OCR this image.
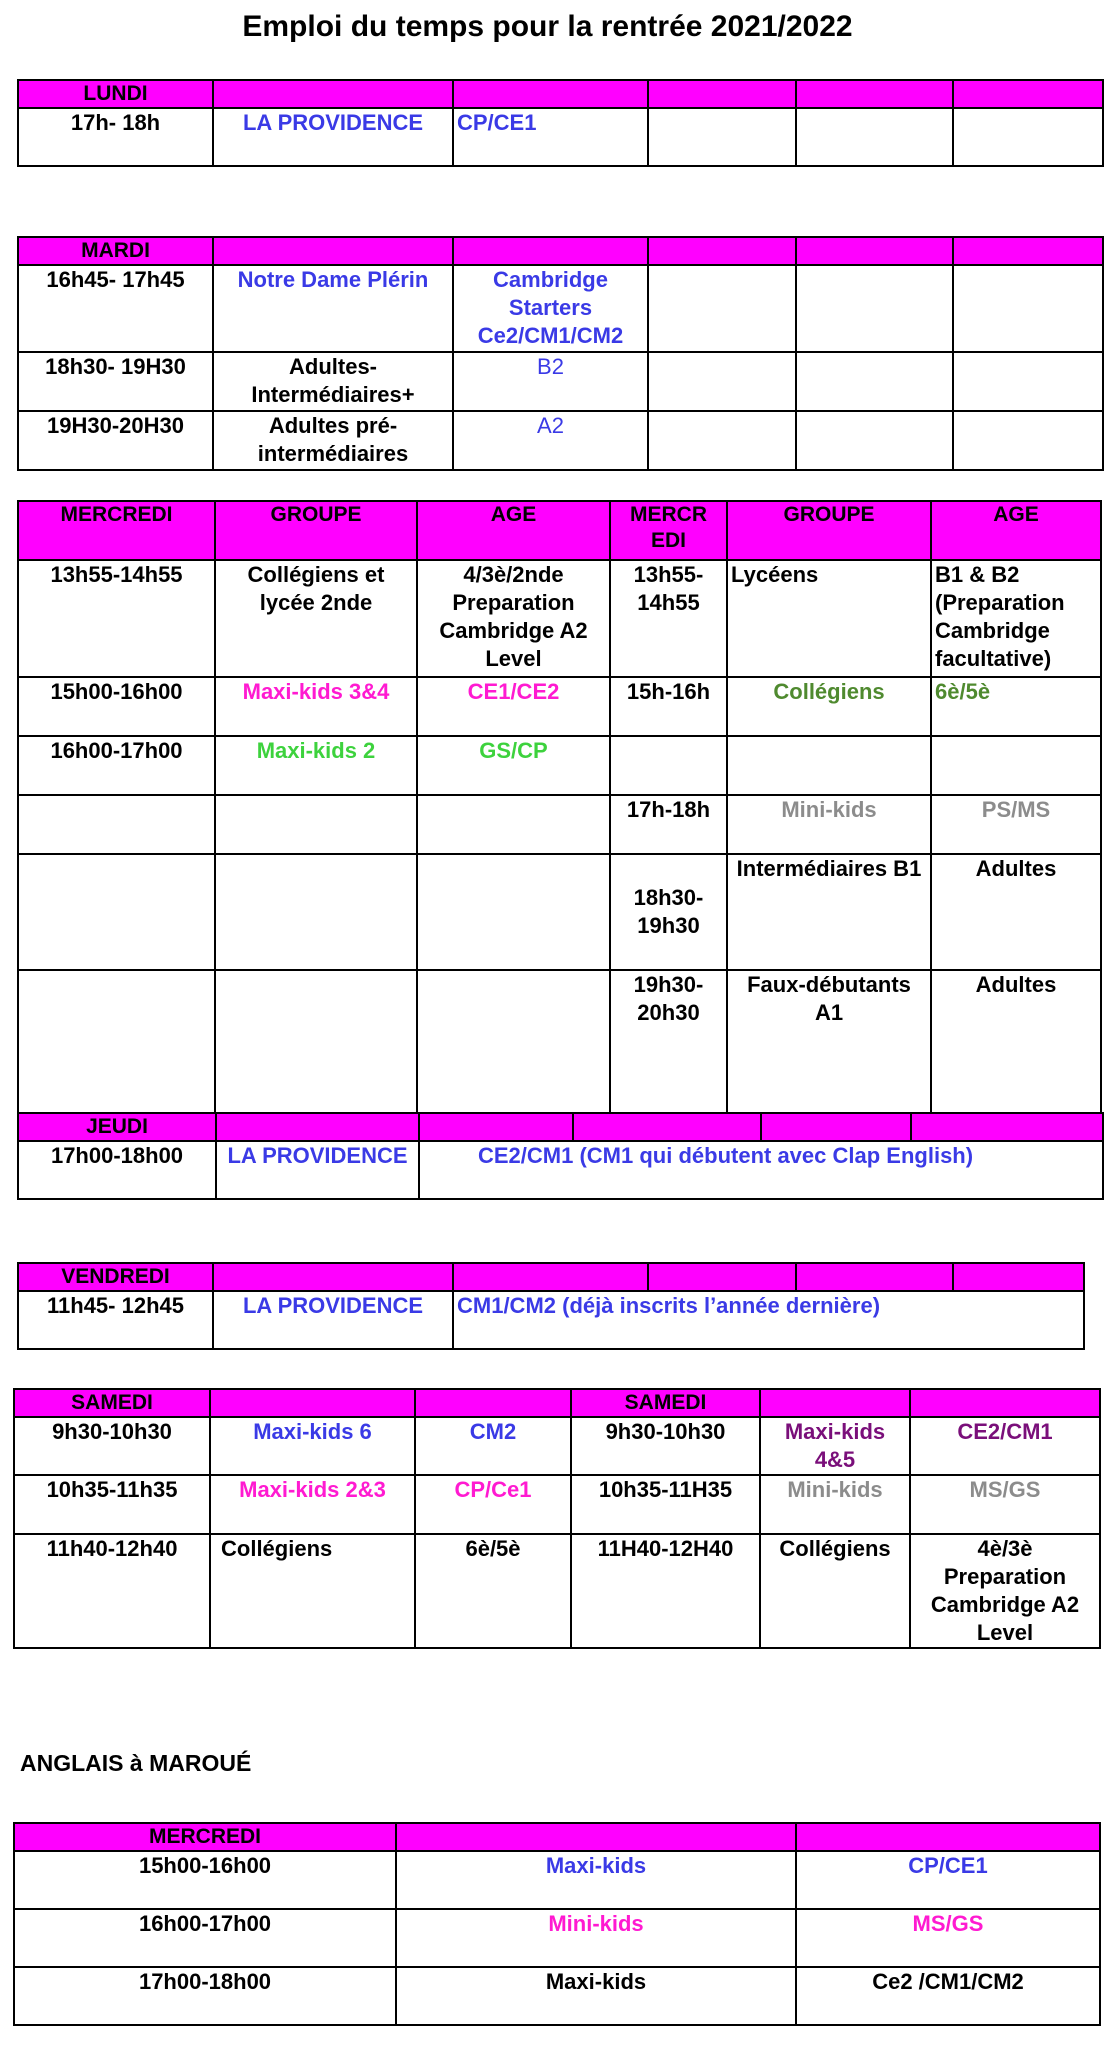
Emploi du temps pour la rentrée 2021/2022
LUNDI					
17h- 18h	LA PROVIDENCE	CP/CE1			
MARDI					
16h45- 17h45	Notre Dame Plérin	Cambridge Starters Ce2/CM1/CM2			
18h30- 19H30	Adultes-Intermédiaires+	B2			
19H30-20H30	Adultes pré-intermédiaires	A2			
MERCREDI	GROUPE	AGE	MERCR EDI	GROUPE	AGE
13h55-14h55	Collégiens et lycée 2nde	4/3è/2nde Preparation Cambridge A2 Level	13h55-14h55	Lycéens	B1 & B2 (Preparation Cambridge facultative)
15h00-16h00	Maxi-kids 3&4	CE1/CE2	15h-16h	Collégiens	6è/5è
16h00-17h00	Maxi-kids 2	GS/CP			
			17h-18h	Mini-kids	PS/MS
			18h30-19h30	Intermédiaires B1	Adultes
			19h30-20h30	Faux-débutants A1	Adultes
JEUDI					
17h00-18h00	LA PROVIDENCE	CE2/CM1 (CM1 qui débutent avec Clap English)			
VENDREDI					
11h45- 12h45	LA PROVIDENCE	CM1/CM2 (déjà inscrits l’année dernière)			
SAMEDI			SAMEDI		
9h30-10h30	Maxi-kids 6	CM2	9h30-10h30	Maxi-kids 4&5	CE2/CM1
10h35-11h35	Maxi-kids 2&3	CP/Ce1	10h35-11H35	Mini-kids	MS/GS
11h40-12h40	Collégiens	6è/5è	11H40-12H40	Collégiens	4è/3è Preparation Cambridge A2 Level
ANGLAIS à MAROUÉ
MERCREDI		
15h00-16h00	Maxi-kids	CP/CE1
16h00-17h00	Mini-kids	MS/GS
17h00-18h00	Maxi-kids	Ce2 /CM1/CM2
